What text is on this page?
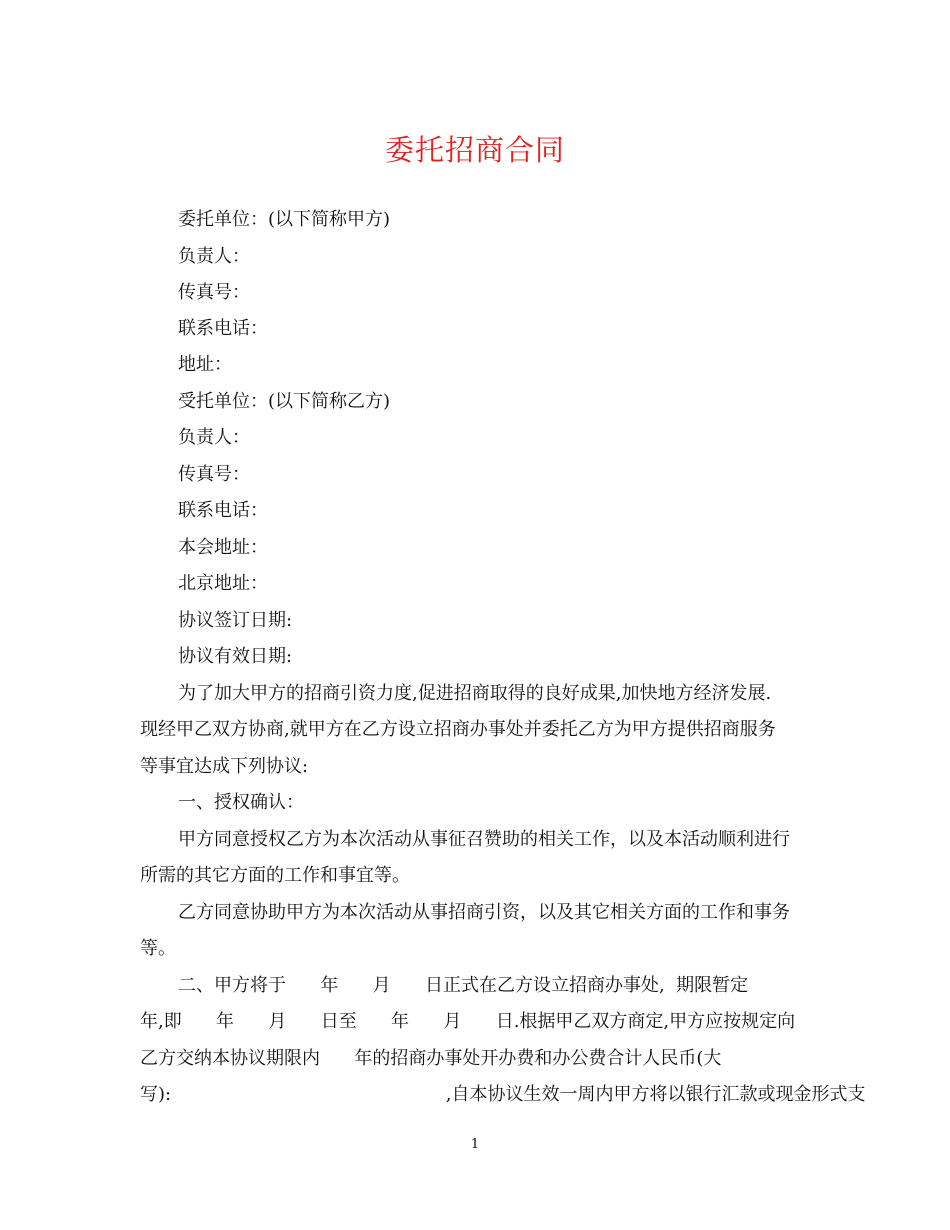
委托招商合同
委托单位：(以下简称甲方)
负责人：
传真号：
联系电话：
地址：
受托单位：(以下简称乙方)
负责人：
传真号：
联系电话：
本会地址：
北京地址：
协议签订日期:
协议有效日期:
为了加大甲方的招商引资力度,促进招商取得的良好成果,加快地方经济发展.
现经甲乙双方协商,就甲方在乙方设立招商办事处并委托乙方为甲方提供招商服务
等事宜达成下列协议:
一、授权确认：
甲方同意授权乙方为本次活动从事征召赞助的相关工作，以及本活动顺利进行
所需的其它方面的工作和事宜等。
乙方同意协助甲方为本次活动从事招商引资，以及其它相关方面的工作和事务
等。
二、甲方将于      年      月      日正式在乙方设立招商办事处,  期限暂定
年,即      年      月      日至      年      月      日.根据甲乙双方商定,甲方应按规定向
乙方交纳本协议期限内      年的招商办事处开办费和办公费合计人民币(大
写):                                                ,自本协议生效一周内甲方将以银行汇款或现金形式支
1
